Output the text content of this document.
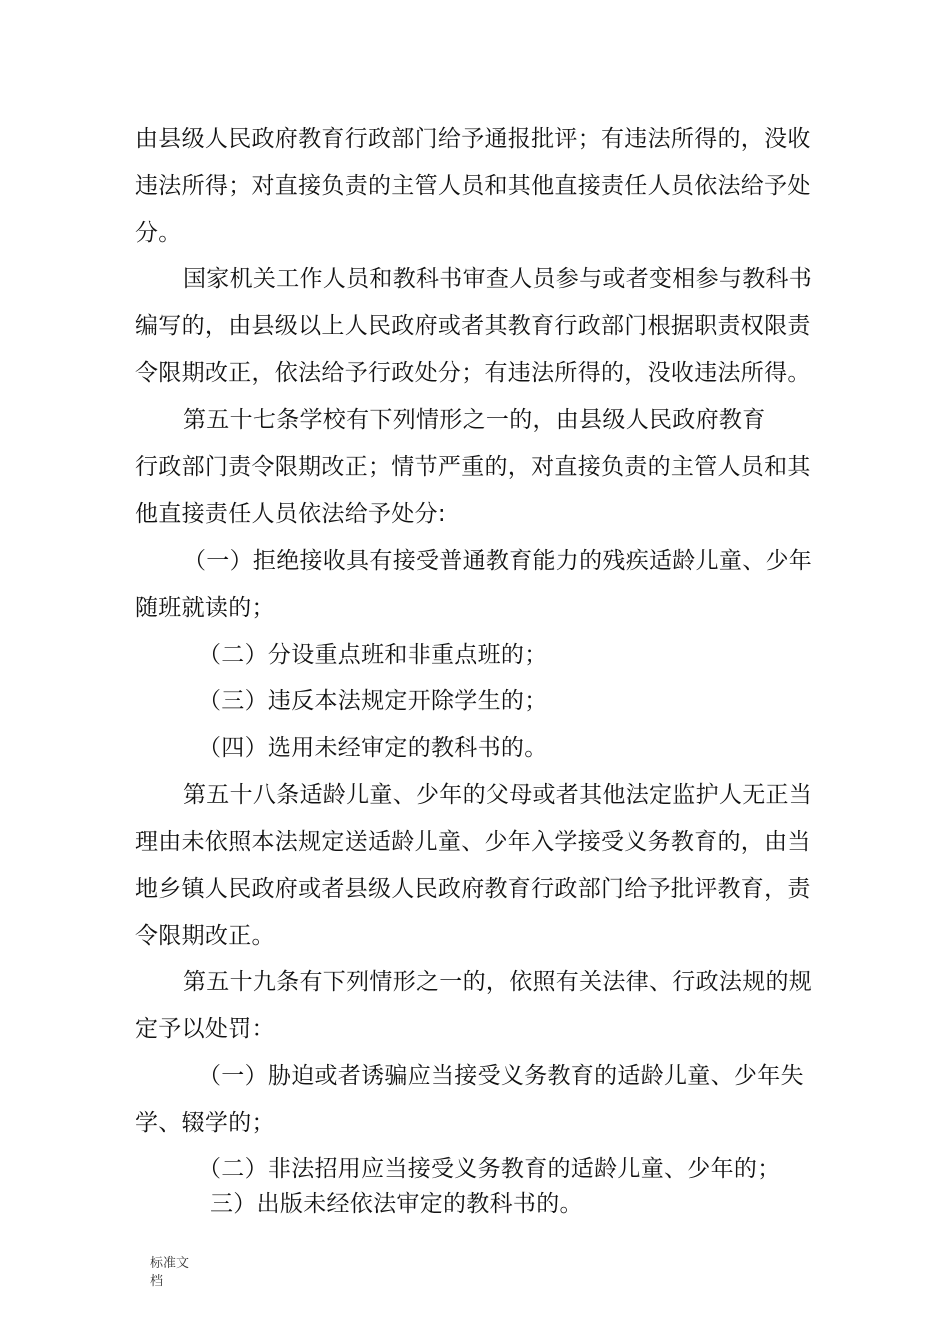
由县级人民政府教育行政部门给予通报批评；有违法所得的，没收
违法所得；对直接负责的主管人员和其他直接责任人员依法给予处
分。
国家机关工作人员和教科书审查人员参与或者变相参与教科书
编写的，由县级以上人民政府或者其教育行政部门根据职责权限责
令限期改正，依法给予行政处分；有违法所得的，没收违法所得。
第五十七条学校有下列情形之一的，由县级人民政府教育
行政部门责令限期改正；情节严重的，对直接负责的主管人员和其
他直接责任人员依法给予处分:
（一）拒绝接收具有接受普通教育能力的残疾适龄儿童、少年
随班就读的；
（二）分设重点班和非重点班的；
（三）违反本法规定开除学生的；
（四）选用未经审定的教科书的。
第五十八条适龄儿童、少年的父母或者其他法定监护人无正当
理由未依照本法规定送适龄儿童、少年入学接受义务教育的，由当
地乡镇人民政府或者县级人民政府教育行政部门给予批评教育，责
令限期改正。
第五十九条有下列情形之一的，依照有关法律、行政法规的规
定予以处罚：
（一）胁迫或者诱骗应当接受义务教育的适龄儿童、少年失
学、辍学的；
（二）非法招用应当接受义务教育的适龄儿童、少年的；
三）出版未经依法审定的教科书的。
标准文
档
